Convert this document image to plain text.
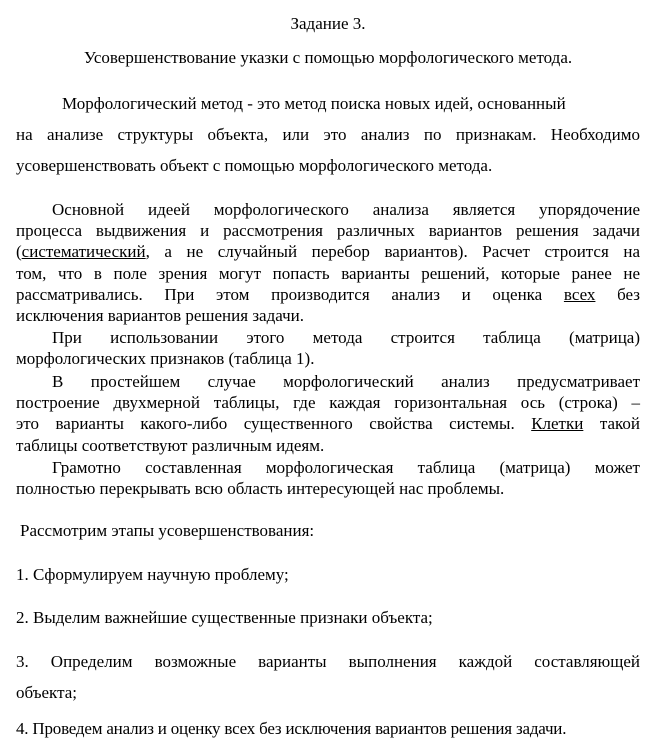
Задание 3.
Усовершенствование указки с помощью морфологического метода.
Морфологический метод - это метод поиска новых идей, основанный
на анализе структуры объекта, или это анализ по признакам. Необходимо
усовершенствовать объект с помощью морфологического метода.
Основной идеей морфологического анализа является упорядочение
процесса выдвижения и рассмотрения различных вариантов решения задачи
(систематический, а не случайный перебор вариантов). Расчет строится на
том, что в поле зрения могут попасть варианты решений, которые ранее не
рассматривались. При этом производится анализ и оценка всех без
исключения вариантов решения задачи.
При использовании этого метода строится таблица (матрица)
морфологических признаков (таблица 1).
В простейшем случае морфологический анализ предусматривает
построение двухмерной таблицы, где каждая горизонтальная ось (строка) –
это варианты какого-либо существенного свойства системы. Клетки такой
таблицы соответствуют различным идеям.
Грамотно составленная морфологическая таблица (матрица) может
полностью перекрывать всю область интересующей нас проблемы.
Рассмотрим этапы усовершенствования:
1. Сформулируем научную проблему;
2. Выделим важнейшие существенные признаки объекта;
3. Определим возможные варианты выполнения каждой составляющей
объекта;
4. Проведем анализ и оценку всех без исключения вариантов решения задачи.
